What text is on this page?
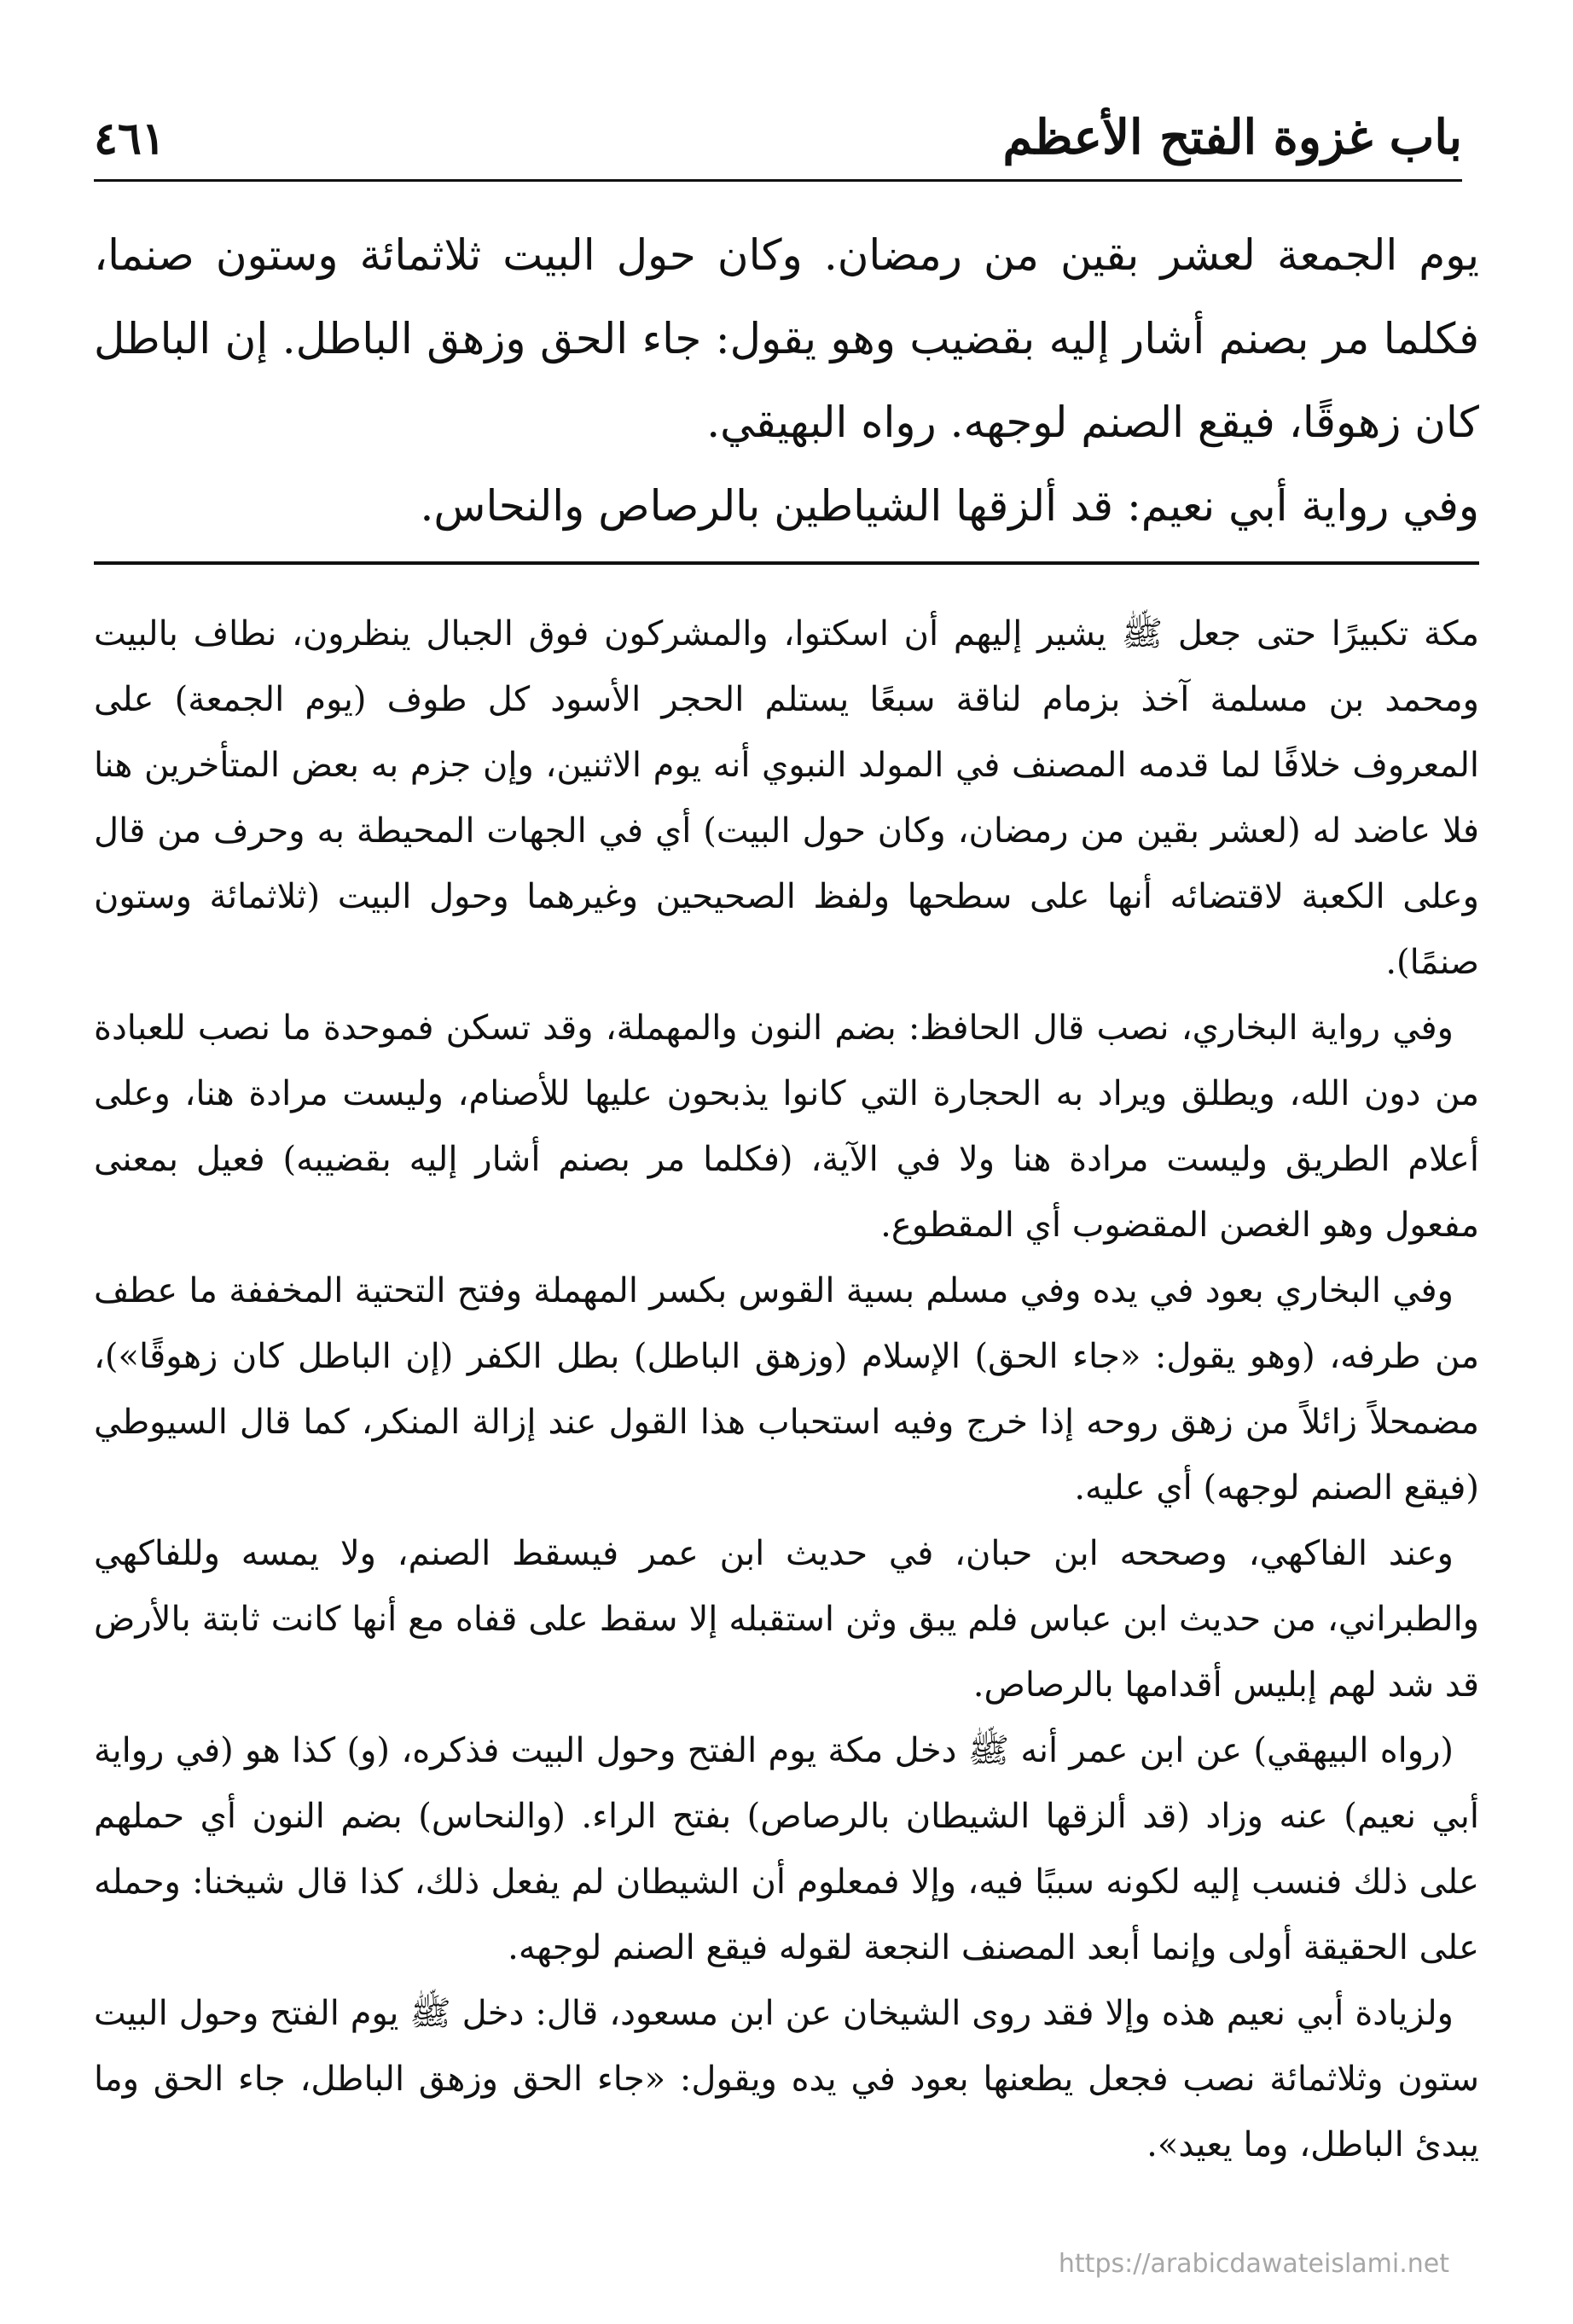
باب غزوة الفتح الأعظم
٤٦١

يوم الجمعة لعشر بقين من رمضان. وكان حول البيت ثلاثمائة وستون صنما، فكلما مر بصنم أشار إليه بقضيب وهو يقول: جاء الحق وزهق الباطل. إن الباطل كان زهوقًا، فيقع الصنم لوجهه. رواه البهيقي.

وفي رواية أبي نعيم: قد ألزقها الشياطين بالرصاص والنحاس.

مكة تكبيرًا حتى جعل ﷺ يشير إليهم أن اسكتوا، والمشركون فوق الجبال ينظرون، نطاف بالبيت ومحمد بن مسلمة آخذ بزمام لناقة سبعًا يستلم الحجر الأسود كل طوف (يوم الجمعة) على المعروف خلافًا لما قدمه المصنف في المولد النبوي أنه يوم الاثنين، وإن جزم به بعض المتأخرين هنا فلا عاضد له (لعشر بقين من رمضان، وكان حول البيت) أي في الجهات المحيطة به وحرف من قال وعلى الكعبة لاقتضائه أنها على سطحها ولفظ الصحيحين وغيرهما وحول البيت (ثلاثمائة وستون صنمًا).

وفي رواية البخاري، نصب قال الحافظ: بضم النون والمهملة، وقد تسكن فموحدة ما نصب للعبادة من دون الله، ويطلق ويراد به الحجارة التي كانوا يذبحون عليها للأصنام، وليست مرادة هنا، وعلى أعلام الطريق وليست مرادة هنا ولا في الآية، (فكلما مر بصنم أشار إليه بقضيبه) فعيل بمعنى مفعول وهو الغصن المقضوب أي المقطوع.

وفي البخاري بعود في يده وفي مسلم بسية القوس بكسر المهملة وفتح التحتية المخففة ما عطف من طرفه، (وهو يقول: «جاء الحق) الإسلام (وزهق الباطل) بطل الكفر (إن الباطل كان زهوقًا»)، مضمحلاً زائلاً من زهق روحه إذا خرج وفيه استحباب هذا القول عند إزالة المنكر، كما قال السيوطي (فيقع الصنم لوجهه) أي عليه.

وعند الفاكهي، وصححه ابن حبان، في حديث ابن عمر فيسقط الصنم، ولا يمسه وللفاكهي والطبراني، من حديث ابن عباس فلم يبق وثن استقبله إلا سقط على قفاه مع أنها كانت ثابتة بالأرض قد شد لهم إبليس أقدامها بالرصاص.

(رواه البيهقي) عن ابن عمر أنه ﷺ دخل مكة يوم الفتح وحول البيت فذكره، (و) كذا هو (في رواية أبي نعيم) عنه وزاد (قد ألزقها الشيطان بالرصاص) بفتح الراء. (والنحاس) بضم النون أي حملهم على ذلك فنسب إليه لكونه سببًا فيه، وإلا فمعلوم أن الشيطان لم يفعل ذلك، كذا قال شيخنا: وحمله على الحقيقة أولى وإنما أبعد المصنف النجعة لقوله فيقع الصنم لوجهه.

ولزيادة أبي نعيم هذه وإلا فقد روى الشيخان عن ابن مسعود، قال: دخل ﷺ يوم الفتح وحول البيت ستون وثلاثمائة نصب فجعل يطعنها بعود في يده ويقول: «جاء الحق وزهق الباطل، جاء الحق وما يبدئ الباطل، وما يعيد».

https://arabicdawateislami.net
